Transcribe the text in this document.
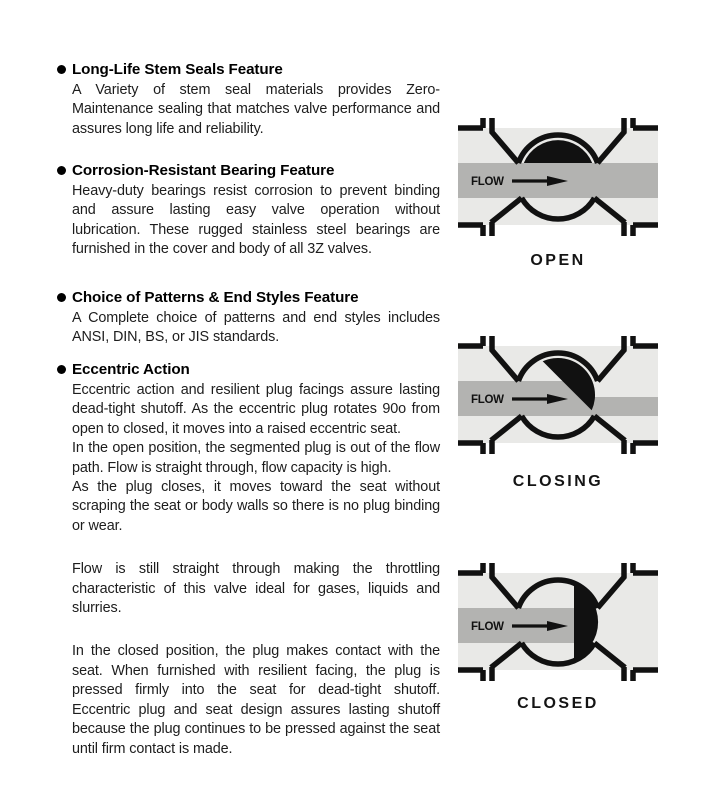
Long-Life Stem Seals Feature

A Variety of stem seal materials provides Zero-Maintenance sealing that matches valve performance and assures long life and reliability.

Corrosion-Resistant Bearing Feature

Heavy-duty bearings resist corrosion to prevent binding and assure lasting easy valve operation without lubrication. These rugged stainless steel bearings are furnished in the cover and body of all 3Z valves.

Choice of Patterns & End Styles Feature

A Complete choice of patterns and end styles includes ANSI, DIN, BS, or JIS standards.

Eccentric Action

Eccentric action and resilient plug facings assure lasting dead-tight shutoff. As the eccentric plug rotates 90o from open to closed, it moves into a raised eccentric seat.

In the open position, the segmented plug is out of the flow path. Flow is straight through, flow capacity is high.

As the plug closes, it moves toward the seat without scraping the seat or body walls so there is no plug binding or wear.

Flow is still straight through making the throttling characteristic of this valve ideal for gases, liquids and slurries.

In the closed position, the plug makes contact with the seat. When furnished with resilient facing, the plug is pressed firmly into the seat for dead-tight shutoff. Eccentric plug and seat design assures lasting shutoff because the plug continues to be pressed against the seat until firm contact is made.

FLOW
OPEN
FLOW
CLOSING
FLOW
CLOSED
